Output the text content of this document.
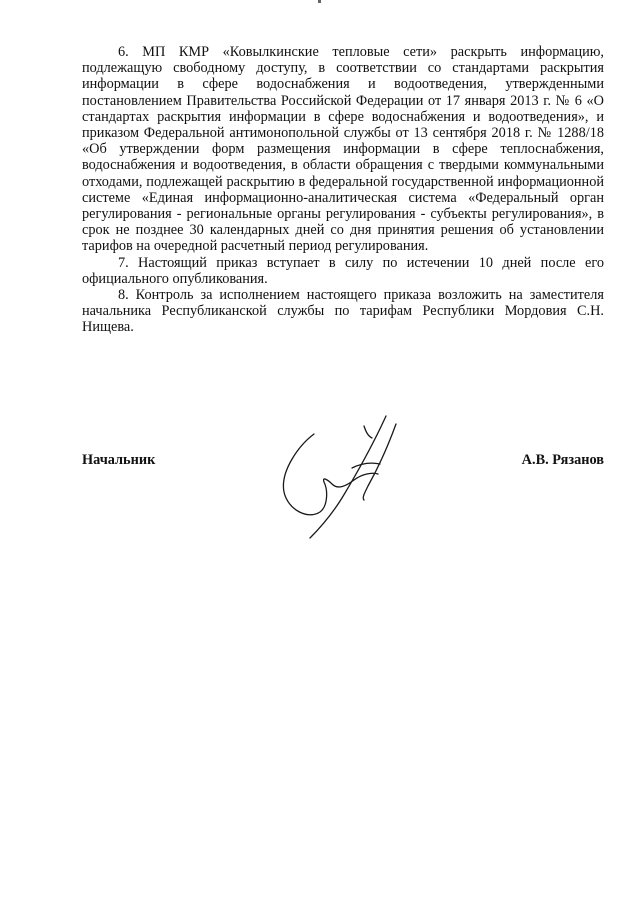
6. МП КМР «Ковылкинские тепловые сети» раскрыть информацию, подлежащую свободному доступу, в соответствии со стандартами раскрытия информации в сфере водоснабжения и водоотведения, утвержденными постановлением Правительства Российской Федерации от 17 января 2013 г. № 6 «О стандартах раскрытия информации в сфере водоснабжения и водоотведения», и приказом Федеральной антимонопольной службы от 13 сентября 2018 г. № 1288/18 «Об утверждении форм размещения информации в сфере теплоснабжения, водоснабжения и водоотведения, в области обращения с твердыми коммунальными отходами, подлежащей раскрытию в федеральной государственной информационной системе «Единая информационно-аналитическая система «Федеральный орган регулирования - региональные органы регулирования - субъекты регулирования», в срок не позднее 30 календарных дней со дня принятия решения об установлении тарифов на очередной расчетный период регулирования.

7. Настоящий приказ вступает в силу по истечении 10 дней после его официального опубликования.

8. Контроль за исполнением настоящего приказа возложить на заместителя начальника Республиканской службы по тарифам Республики Мордовия С.Н. Нищева.

Начальник	А.В. Рязанов
